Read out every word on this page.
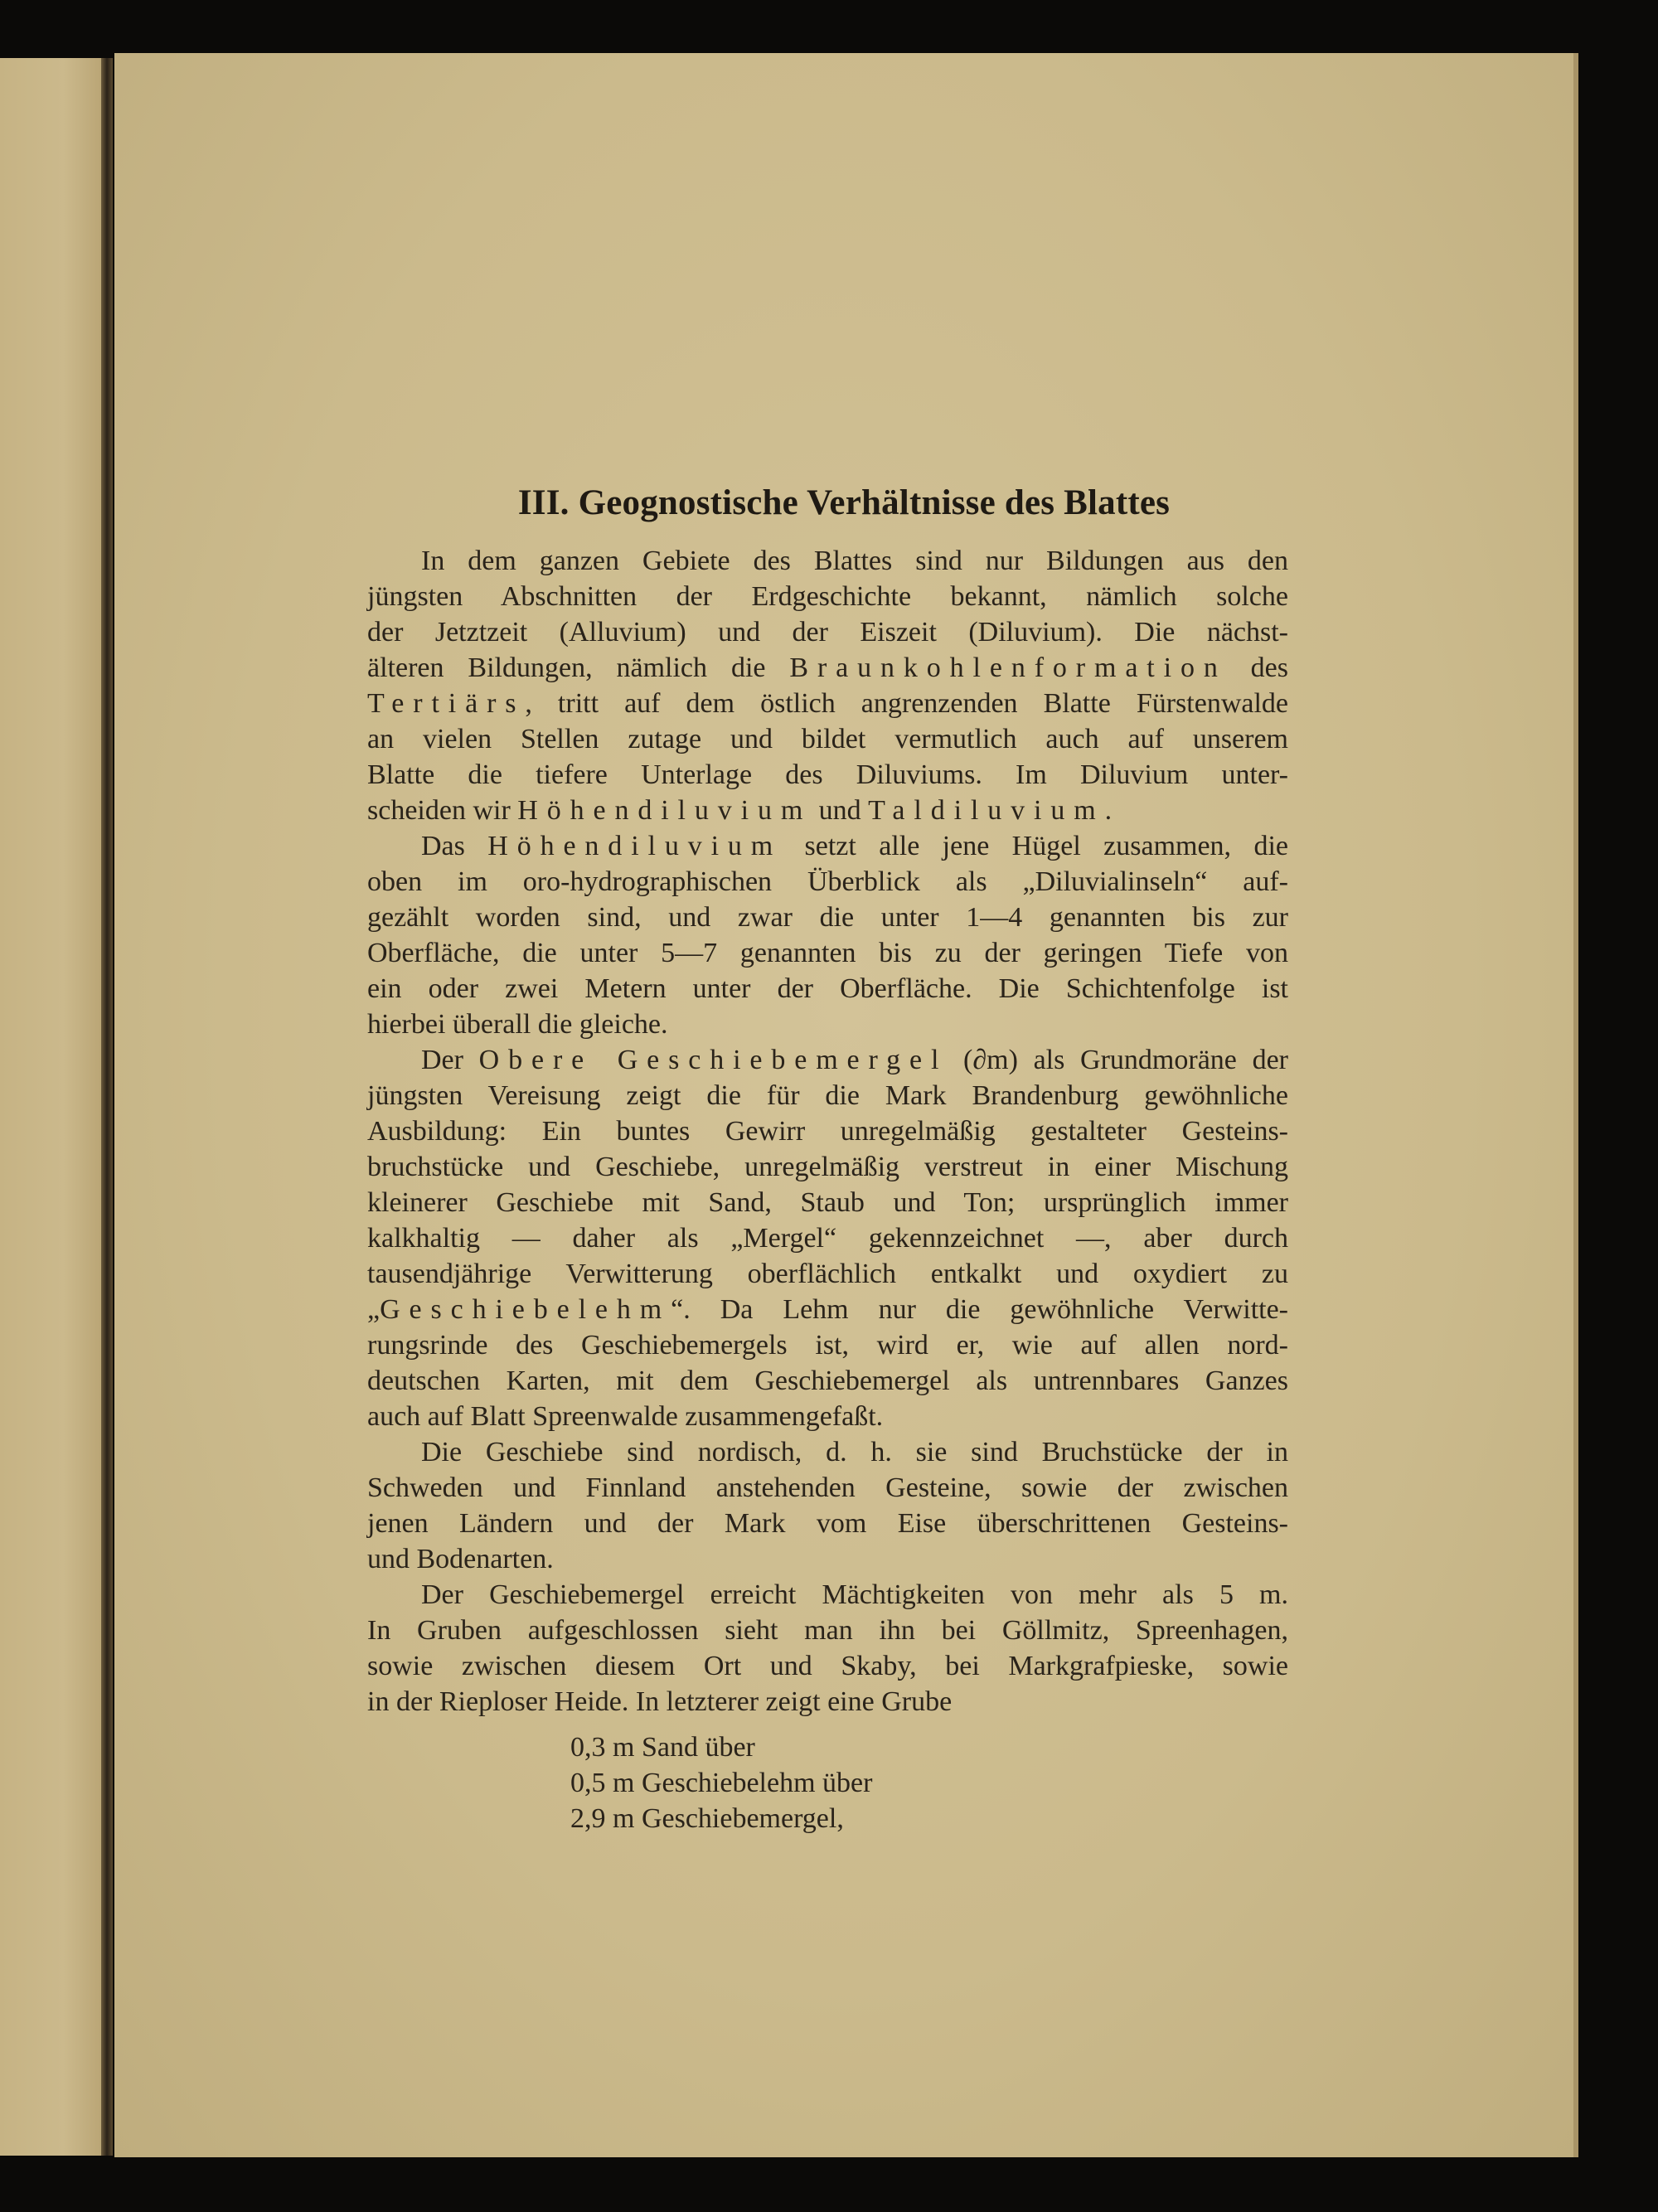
III. Geognostische Verhältnisse des Blattes
In dem ganzen Gebiete des Blattes sind nur Bildungen aus den
jüngsten Abschnitten der Erdgeschichte bekannt, nämlich solche
der Jetztzeit (Alluvium) und der Eiszeit (Diluvium). Die nächst-
älteren Bildungen, nämlich die Braunkohlenformation des
Tertiärs, tritt auf dem östlich angrenzenden Blatte Fürstenwalde
an vielen Stellen zutage und bildet vermutlich auch auf unserem
Blatte die tiefere Unterlage des Diluviums. Im Diluvium unter-
scheiden wir Höhendiluvium und Taldiluvium.
Das Höhendiluvium setzt alle jene Hügel zusammen, die
oben im oro-hydrographischen Überblick als „Diluvialinseln“ auf-
gezählt worden sind, und zwar die unter 1—4 genannten bis zur
Oberfläche, die unter 5—7 genannten bis zu der geringen Tiefe von
ein oder zwei Metern unter der Oberfläche. Die Schichtenfolge ist
hierbei überall die gleiche.
Der Obere Geschiebemergel (∂m) als Grundmoräne der
jüngsten Vereisung zeigt die für die Mark Brandenburg gewöhnliche
Ausbildung: Ein buntes Gewirr unregelmäßig gestalteter Gesteins-
bruchstücke und Geschiebe, unregelmäßig verstreut in einer Mischung
kleinerer Geschiebe mit Sand, Staub und Ton; ursprünglich immer
kalkhaltig — daher als „Mergel“ gekennzeichnet —, aber durch
tausendjährige Verwitterung oberflächlich entkalkt und oxydiert zu
„Geschiebelehm“. Da Lehm nur die gewöhnliche Verwitte-
rungsrinde des Geschiebemergels ist, wird er, wie auf allen nord-
deutschen Karten, mit dem Geschiebemergel als untrennbares Ganzes
auch auf Blatt Spreenwalde zusammengefaßt.
Die Geschiebe sind nordisch, d. h. sie sind Bruchstücke der in
Schweden und Finnland anstehenden Gesteine, sowie der zwischen
jenen Ländern und der Mark vom Eise überschrittenen Gesteins-
und Bodenarten.
Der Geschiebemergel erreicht Mächtigkeiten von mehr als 5 m.
In Gruben aufgeschlossen sieht man ihn bei Göllmitz, Spreenhagen,
sowie zwischen diesem Ort und Skaby, bei Markgrafpieske, sowie
in der Rieploser Heide. In letzterer zeigt eine Grube
0,3 m Sand über
0,5 m Geschiebelehm über
2,9 m Geschiebemergel,
